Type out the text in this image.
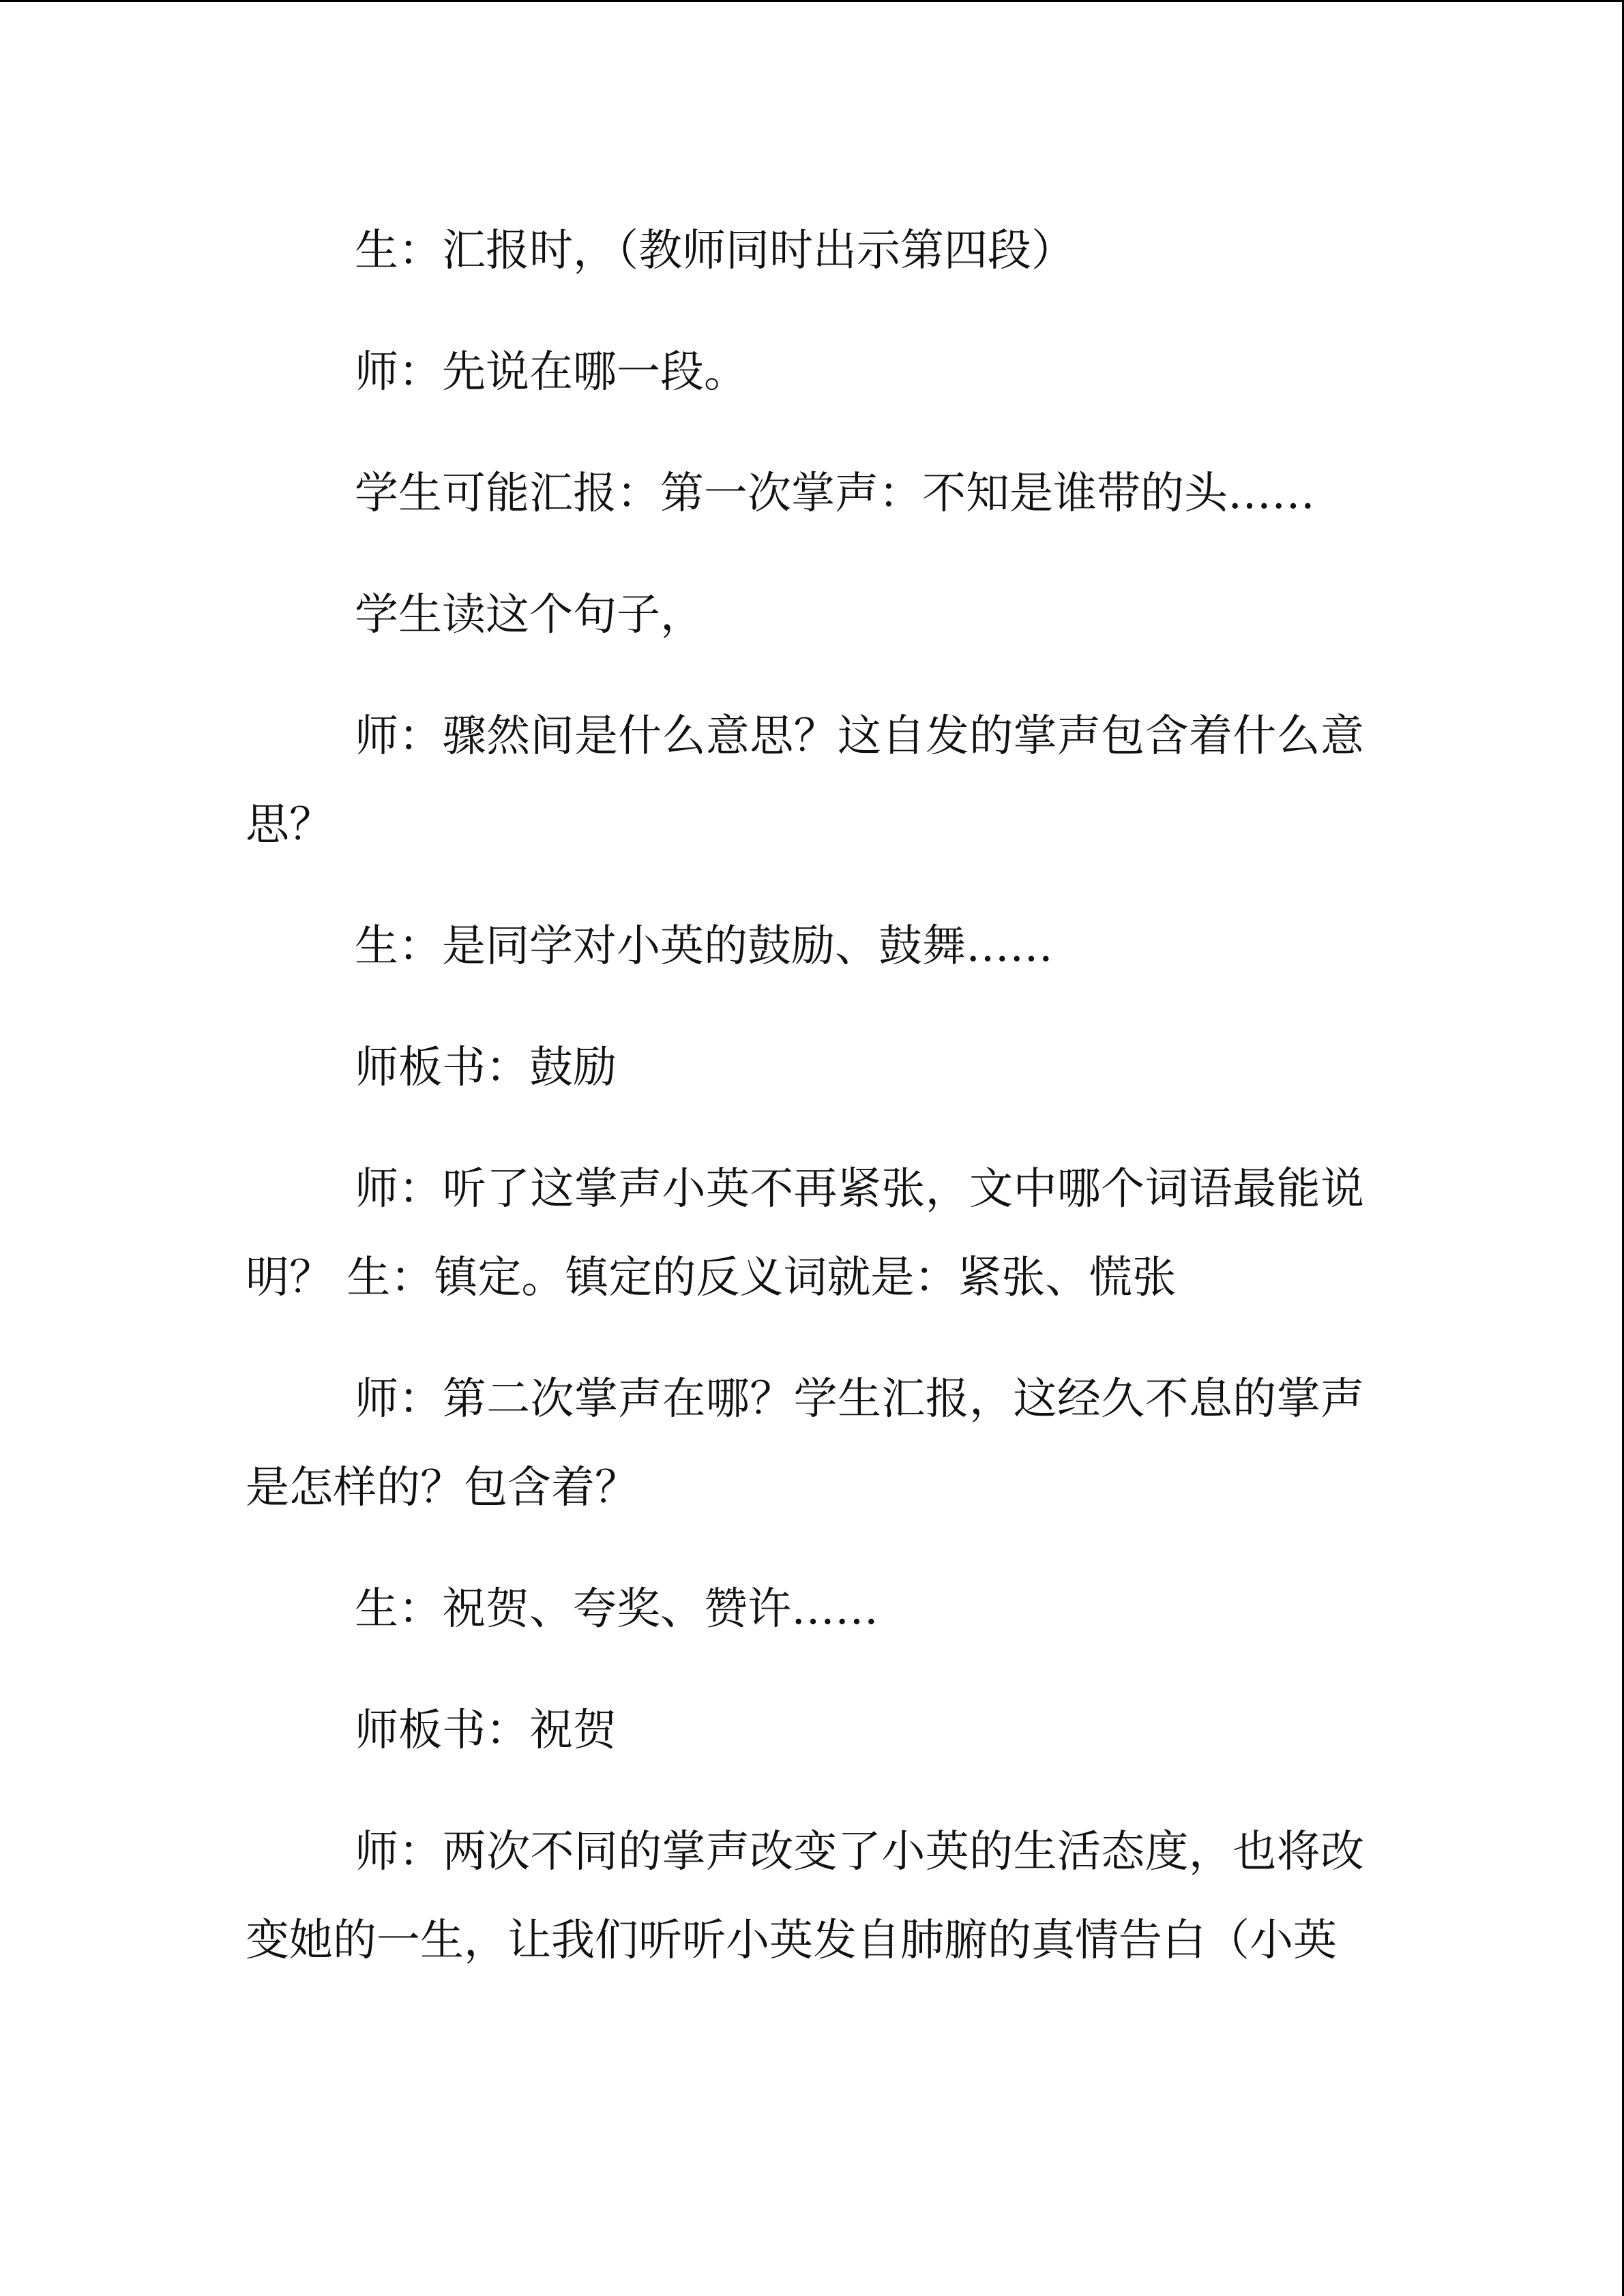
生：汇报时，（教师同时出示第四段）

师：先说在哪一段。

学生可能汇报：第一次掌声：不知是谁带的头……

学生读这个句子，

师：骤然间是什么意思？这自发的掌声包含着什么意思？

生：是同学对小英的鼓励、鼓舞……

师板书：鼓励

师：听了这掌声小英不再紧张，文中哪个词语最能说明？ 生：镇定。镇定的反义词就是：紧张、慌张

师：第二次掌声在哪？学生汇报，这经久不息的掌声是怎样的？包含着？

生：祝贺、夸奖、赞许……

师板书：祝贺

师：两次不同的掌声改变了小英的生活态度，也将改变她的一生，让我们听听小英发自肺腑的真情告白（小英
